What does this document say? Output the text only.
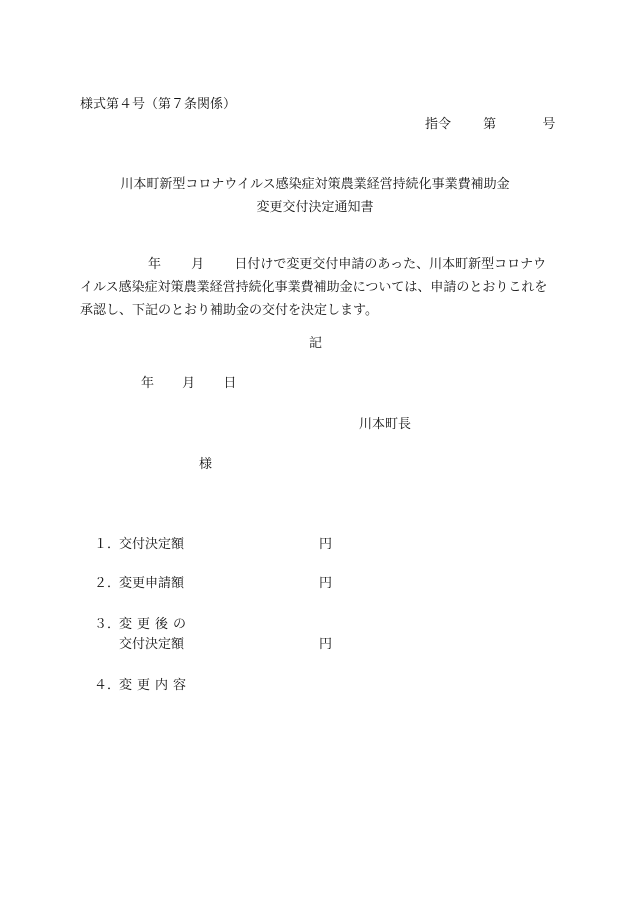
様式第４号（第７条関係）
指令 第	号
川本町新型コロナウイルス感染症対策農業経営持続化事業費補助金
変更交付決定通知書
年 月 日付けで変更交付申請のあった、川本町新型コロナウイルス感染症対策農業経営持続化事業費補助金については、申請のとおりこれを承認し、下記のとおり補助金の交付を決定します。
記
年 月 日
川本町長
様
１．
交付決定額	円
２．
変更申請額	円
３．
変更後の
交付決定額	円
４．
変更内容
